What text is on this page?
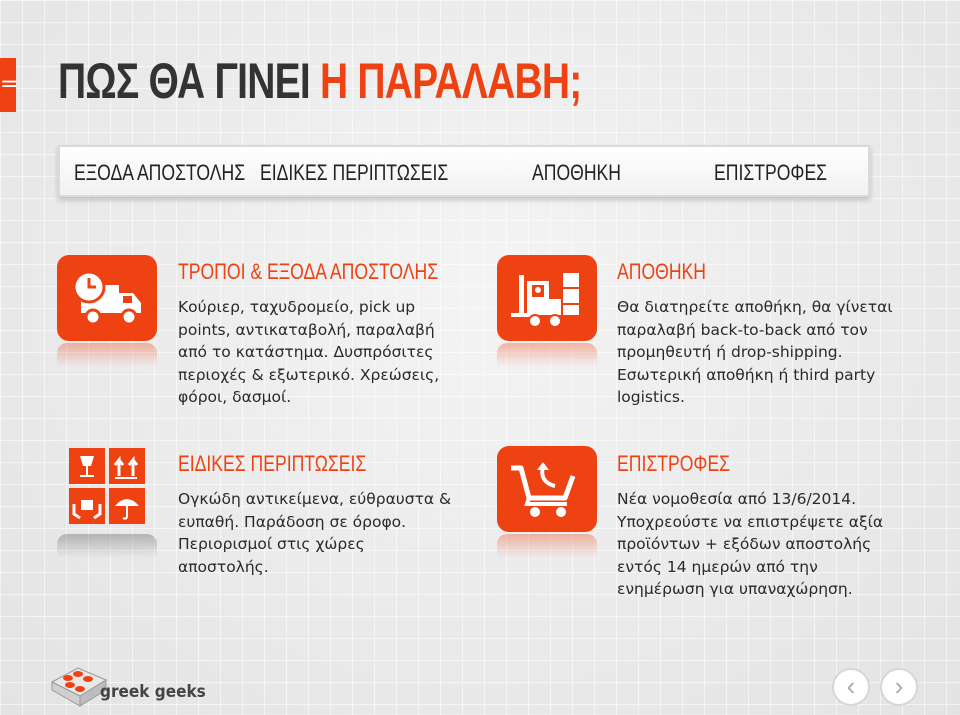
= ΠΩΣ ΘΑ ΓΙΝΕΙ Η ΠΑΡΑΛΑΒΗ;
ΕΞΟΔΑ ΑΠΟΣΤΟΛΗΣ ΕΙΔΙΚΕΣ ΠΕΡΙΠΤΩΣΕΙΣ	ΑΠΟΘΗΚΗ	ΕΠΙΣΤΡΟΦΕΣ
ΤΡΟΠΟΙ & ΕΞΟΔΑ ΑΠΟΣΤΟΛΗΣ
Κούριερ, ταχυδρομείο, pick up
points, αντικαταβολή, παραλαβή
από το κατάστημα. Δυσπρόσιτες
περιοχές & εξωτερικό. Χρεώσεις,
φόροι, δασμοί.
ΑΠΟΘΗΚΗ
Θα διατηρείτε αποθήκη, θα γίνεται
παραλαβή back-to-back από τον
προμηθευτή ή drop-shipping.
Εσωτερική αποθήκη ή third party
logistics.
ΕΙΔΙΚΕΣ ΠΕΡΙΠΤΩΣΕΙΣ
Ογκώδη αντικείμενα, εύθραυστα &
ευπαθή. Παράδοση σε όροφο.
Περιορισμοί στις χώρες
αποστολής.
ΕΠΙΣΤΡΟΦΕΣ
Νέα νομοθεσία από 13/6/2014.
Υποχρεούστε να επιστρέψετε αξία
προϊόντων + εξόδων αποστολής
εντός 14 ημερών από την
ενημέρωση για υπαναχώρηση.
greek geeks	‹	›
